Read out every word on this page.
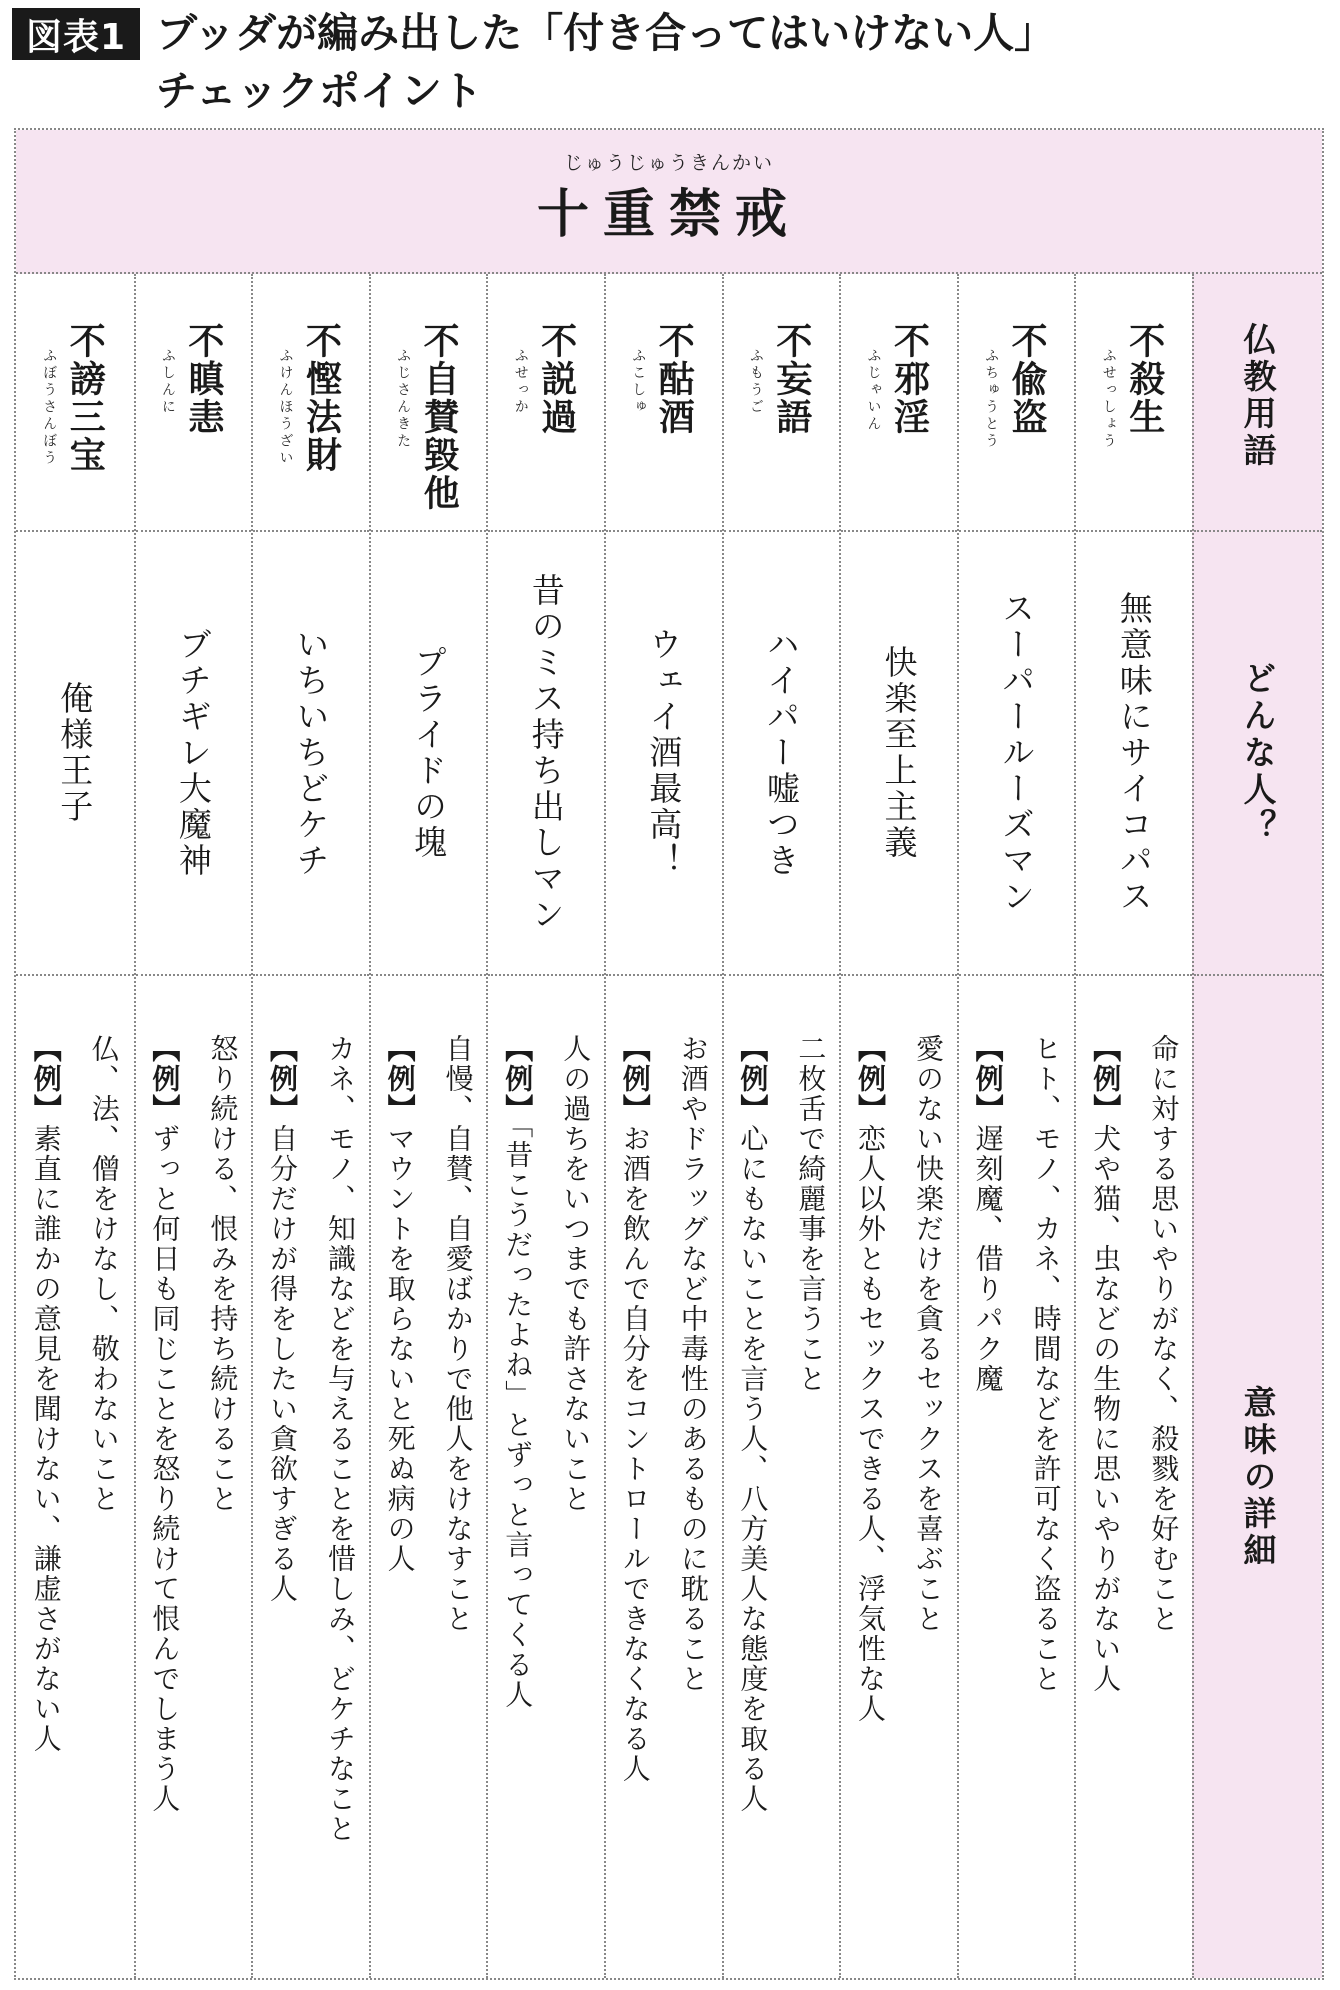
図表1 ブッダが編み出した「付き合ってはいけない人」
チェックポイント
じゅうじゅうきんかい
十重禁戒
仏教用語
どんな人？
意味の詳細
不殺生
ふせっしょう
無意味にサイコパス
命に対する思いやりがなく、殺戮を好むこと
【例】犬や猫、虫などの生物に思いやりがない人
不偸盗
ふちゅうとう
スーパールーズマン
ヒト、モノ、カネ、時間などを許可なく盗ること
【例】遅刻魔、借りパク魔
不邪淫
ふじゃいん
快楽至上主義
愛のない快楽だけを貪るセックスを喜ぶこと
【例】恋人以外ともセックスできる人、浮気性な人
不妄語
ふもうご
ハイパー嘘つき
二枚舌で綺麗事を言うこと
【例】心にもないことを言う人、八方美人な態度を取る人
不酤酒
ふこしゅ
ウェイ酒最高！
お酒やドラッグなど中毒性のあるものに耽ること
【例】お酒を飲んで自分をコントロールできなくなる人
不説過
ふせっか
昔のミス持ち出しマン
人の過ちをいつまでも許さないこと
【例】「昔こうだったよね」とずっと言ってくる人
不自賛毀他
ふじさんきた
プライドの塊
自慢、自賛、自愛ばかりで他人をけなすこと
【例】マウントを取らないと死ぬ病の人
不慳法財
ふけんほうざい
いちいちどケチ
カネ、モノ、知識などを与えることを惜しみ、どケチなこと
【例】自分だけが得をしたい貪欲すぎる人
不瞋恚
ふしんに
ブチギレ大魔神
怒り続ける、恨みを持ち続けること
【例】ずっと何日も同じことを怒り続けて恨んでしまう人
不謗三宝
ふぼうさんぼう
俺様王子
仏、法、僧をけなし、敬わないこと
【例】素直に誰かの意見を聞けない、謙虚さがない人
